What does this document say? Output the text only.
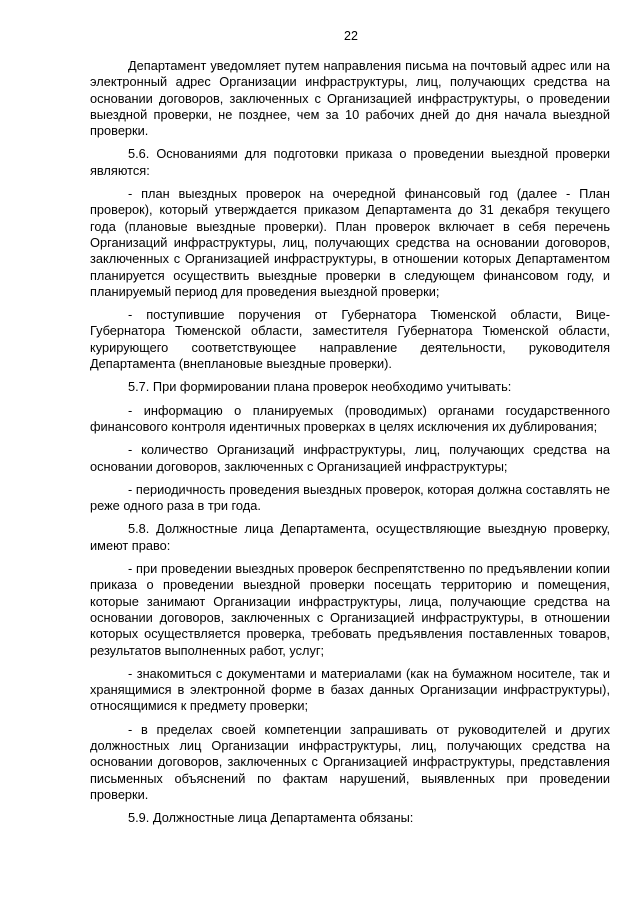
22

Департамент уведомляет путем направления письма на почтовый адрес или на электронный адрес Организации инфраструктуры, лиц, получающих средства на основании договоров, заключенных с Организацией инфраструктуры, о проведении выездной проверки, не позднее, чем за 10 рабочих дней до дня начала выездной проверки.

5.6. Основаниями для подготовки приказа о проведении выездной проверки являются:

- план выездных проверок на очередной финансовый год (далее - План проверок), который утверждается приказом Департамента до 31 декабря текущего года (плановые выездные проверки). План проверок включает в себя перечень Организаций инфраструктуры, лиц, получающих средства на основании договоров, заключенных с Организацией инфраструктуры, в отношении которых Департаментом планируется осуществить выездные проверки в следующем финансовом году, и планируемый период для проведения выездной проверки;

- поступившие поручения от Губернатора Тюменской области, Вице-Губернатора Тюменской области, заместителя Губернатора Тюменской области, курирующего соответствующее направление деятельности, руководителя Департамента (внеплановые выездные проверки).

5.7. При формировании плана проверок необходимо учитывать:

- информацию о планируемых (проводимых) органами государственного финансового контроля идентичных проверках в целях исключения их дублирования;

- количество Организаций инфраструктуры, лиц, получающих средства на основании договоров, заключенных с Организацией инфраструктуры;

- периодичность проведения выездных проверок, которая должна составлять не реже одного раза в три года.

5.8. Должностные лица Департамента, осуществляющие выездную проверку, имеют право:

- при проведении выездных проверок беспрепятственно по предъявлении копии приказа о проведении выездной проверки посещать территорию и помещения, которые занимают Организации инфраструктуры, лица, получающие средства на основании договоров, заключенных с Организацией инфраструктуры, в отношении которых осуществляется проверка, требовать предъявления поставленных товаров, результатов выполненных работ, услуг;

- знакомиться с документами и материалами (как на бумажном носителе, так и хранящимися в электронной форме в базах данных Организации инфраструктуры), относящимися к предмету проверки;

- в пределах своей компетенции запрашивать от руководителей и других должностных лиц Организации инфраструктуры, лиц, получающих средства на основании договоров, заключенных с Организацией инфраструктуры, представления письменных объяснений по фактам нарушений, выявленных при проведении проверки.

5.9. Должностные лица Департамента обязаны:
